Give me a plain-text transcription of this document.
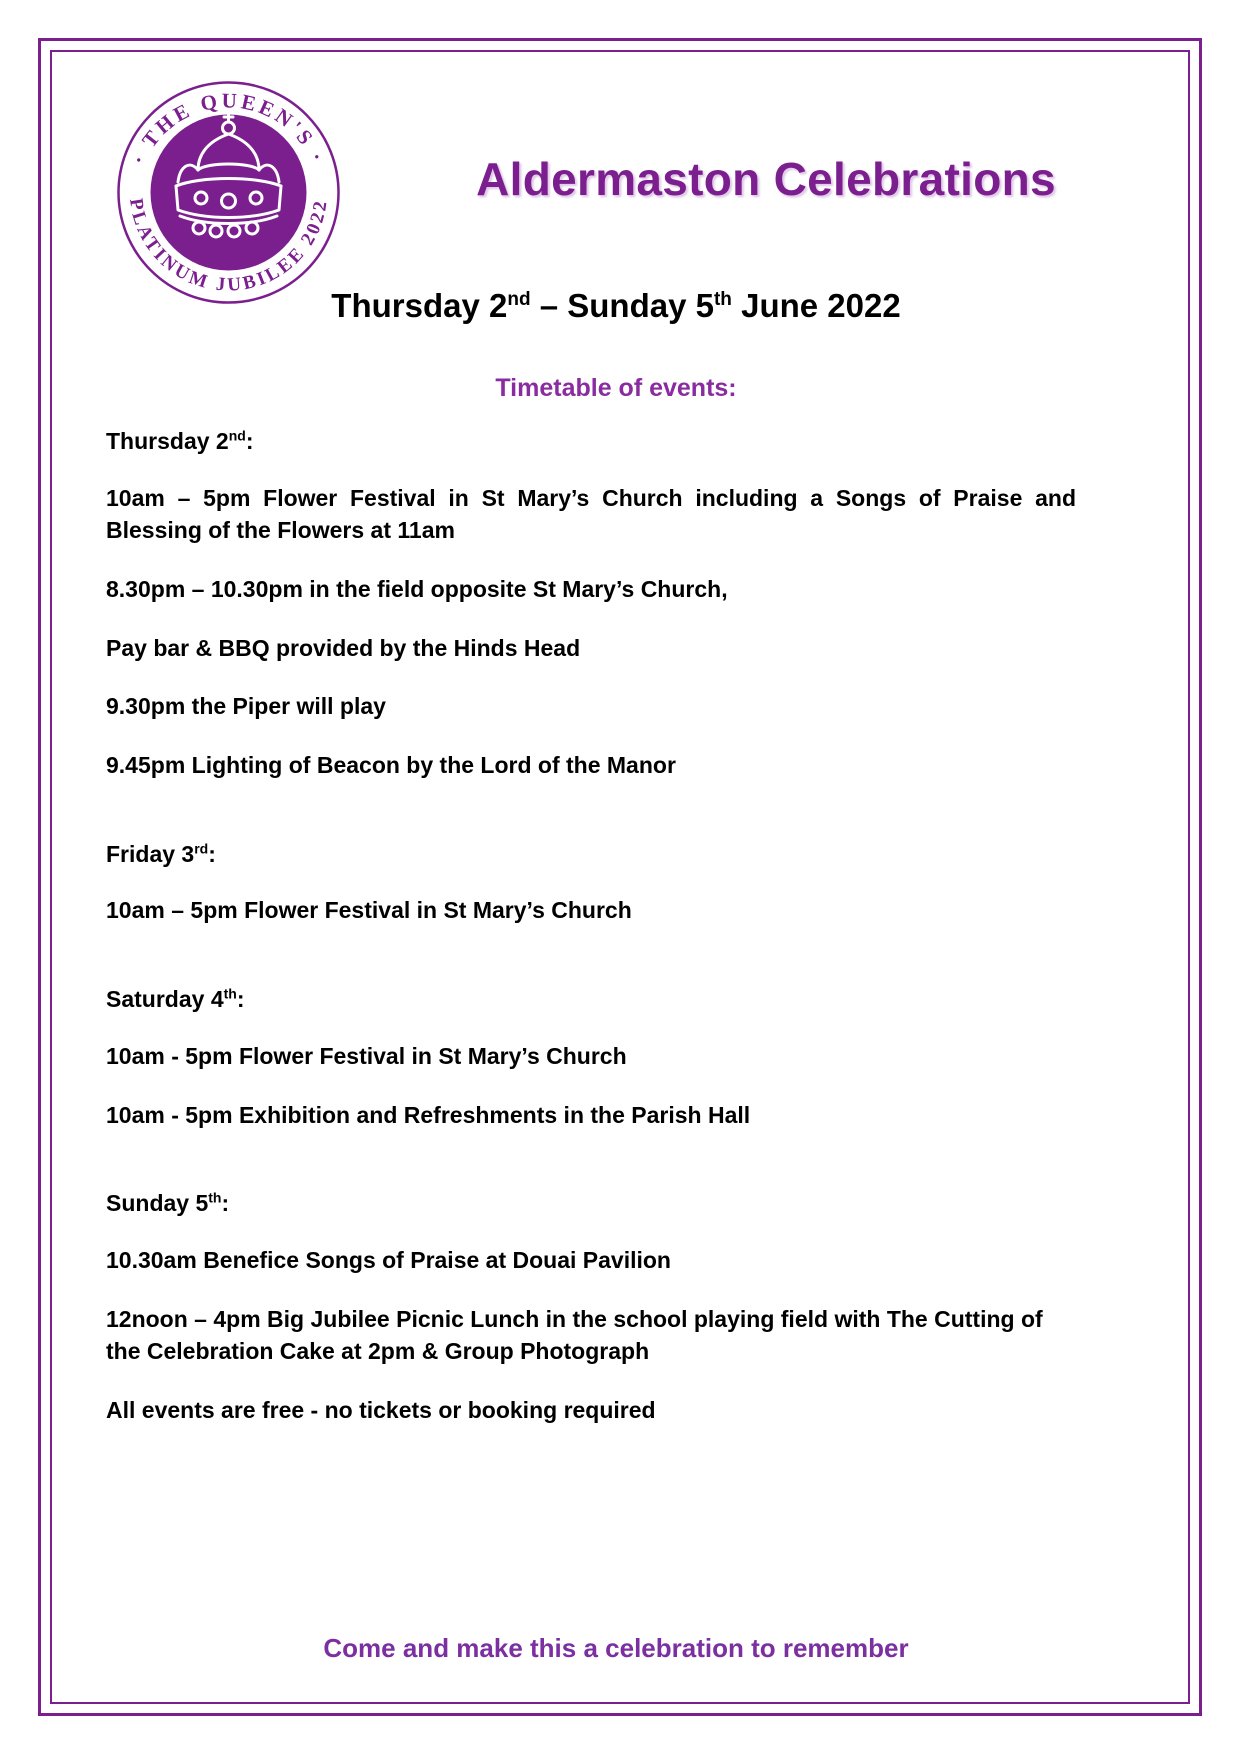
· THE QUEEN'S ·
PLATINUM JUBILEE 2022	Aldermaston Celebrations
Thursday 2nd – Sunday 5th June 2022
Timetable of events:
Thursday 2nd:

10am – 5pm Flower Festival in St Mary’s Church including a Songs of Praise and Blessing of the Flowers at 11am

8.30pm – 10.30pm in the field opposite St Mary’s Church,

Pay bar & BBQ provided by the Hinds Head

9.30pm the Piper will play

9.45pm Lighting of Beacon by the Lord of the Manor

Friday 3rd:

10am – 5pm Flower Festival in St Mary’s Church

Saturday 4th:

10am - 5pm Flower Festival in St Mary’s Church

10am - 5pm Exhibition and Refreshments in the Parish Hall

Sunday 5th:

10.30am Benefice Songs of Praise at Douai Pavilion

12noon – 4pm Big Jubilee Picnic Lunch in the school playing field with The Cutting of the Celebration Cake at 2pm & Group Photograph

All events are free - no tickets or booking required

Come and make this a celebration to remember
